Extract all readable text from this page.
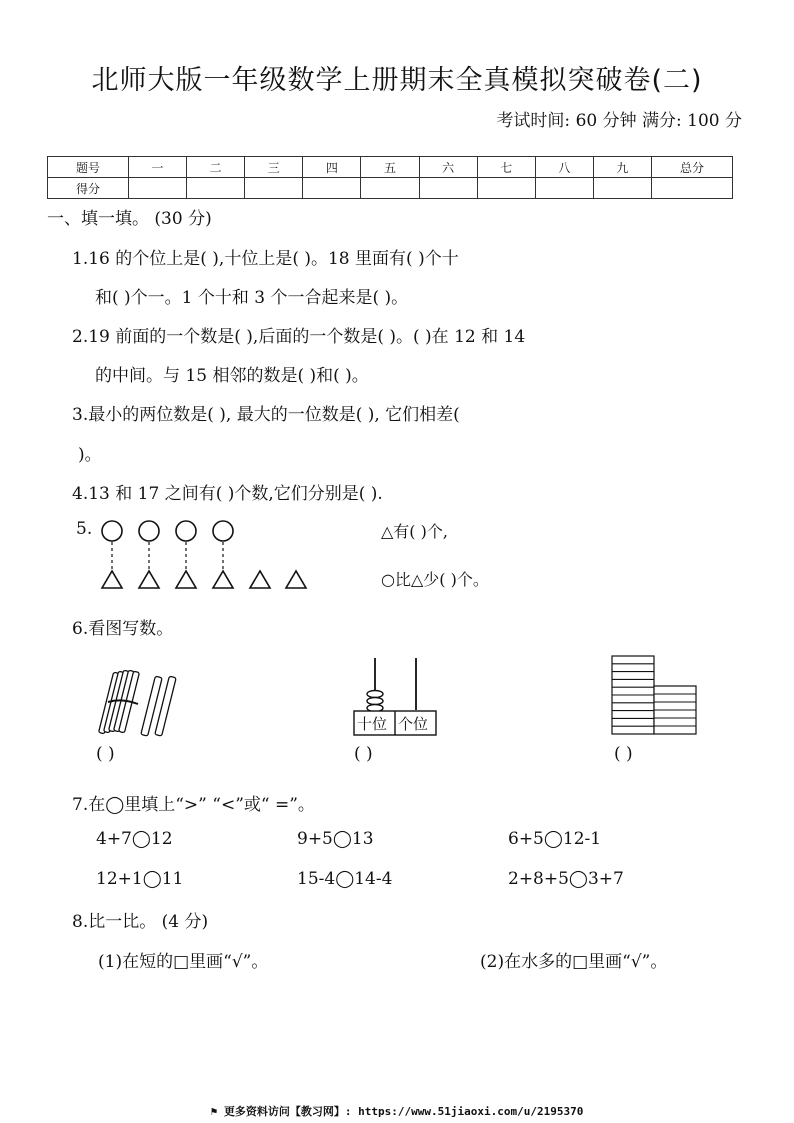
北师大版一年级数学上册期末全真模拟突破卷(二)
考试时间: 60 分钟 满分: 100 分
题号	一	二	三	四	五	六	七	八	九	总分
得分										
一、填一填。 (30 分)
1.16 的个位上是( ),十位上是( )。18 里面有( )个十
和( )个一。1 个十和 3 个一合起来是( )。
2.19 前面的一个数是( ),后面的一个数是( )。( )在 12 和 14
的中间。与 15 相邻的数是( )和( )。
3.最小的两位数是( ), 最大的一位数是( ), 它们相差(
)。
4.13 和 17 之间有( )个数,它们分别是( ).
5.	△有( )个,
○比△少( )个。
6.看图写数。
十位 个位
( )	( )	( )
7.在◯里填上“>” “<”或“ =”。
4+7◯12	9+5◯13	6+5◯12-1
12+1◯11	15-4◯14-4	2+8+5◯3+7
8.比一比。 (4 分)
(1)在短的□里画“√”。	(2)在水多的□里画“√”。
⚑ 更多资料访问【教习网】: https://www.51jiaoxi.com/u/2195370
